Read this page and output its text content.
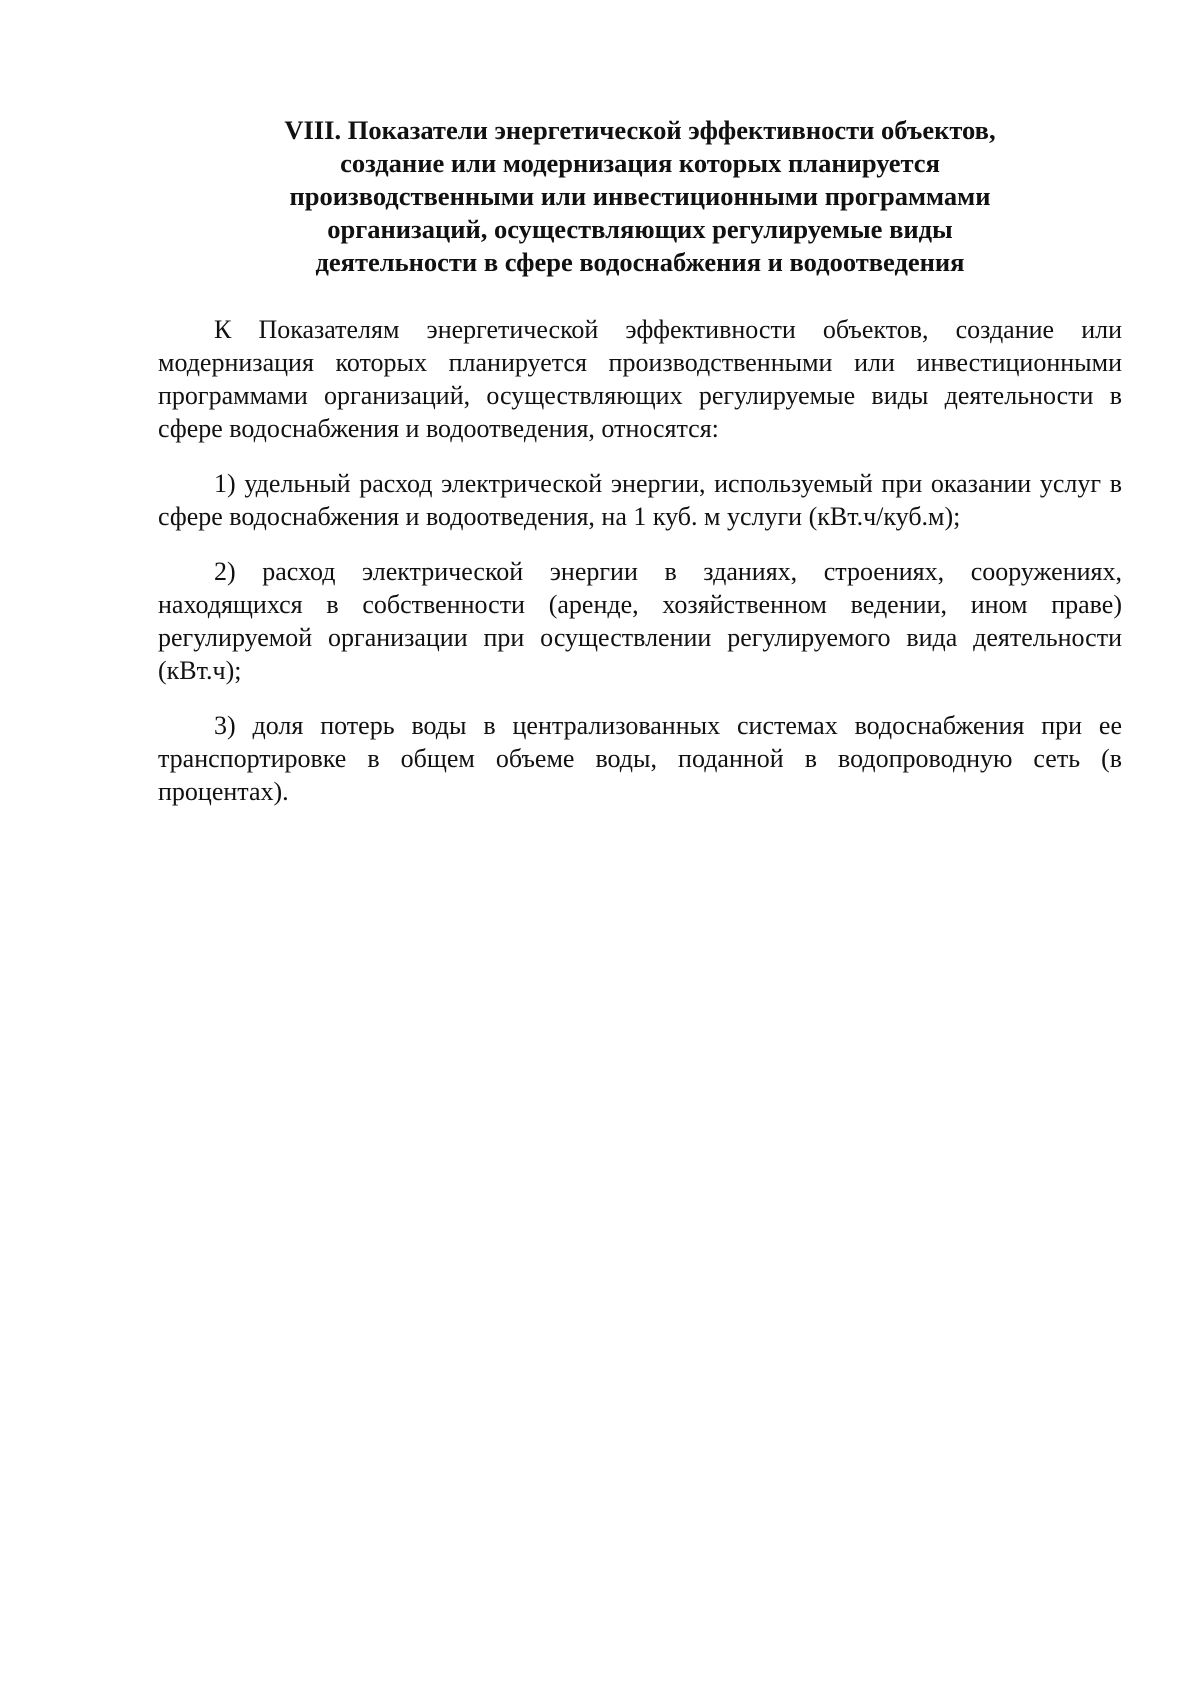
VIII. Показатели энергетической эффективности объектов,
создание или модернизация которых планируется
производственными или инвестиционными программами
организаций, осуществляющих регулируемые виды
деятельности в сфере водоснабжения и водоотведения

К Показателям энергетической эффективности объектов, создание или модернизация которых планируется производственными или инвестиционными программами организаций, осуществляющих регулируемые виды деятельности в сфере водоснабжения и водоотведения, относятся:

1) удельный расход электрической энергии, используемый при оказании услуг в сфере водоснабжения и водоотведения, на 1 куб. м услуги (кВт.ч/куб.м);

2) расход электрической энергии в зданиях, строениях, сооружениях, находящихся в собственности (аренде, хозяйственном ведении, ином праве) регулируемой организации при осуществлении регулируемого вида деятельности (кВт.ч);

3) доля потерь воды в централизованных системах водоснабжения при ее транспортировке в общем объеме воды, поданной в водопроводную сеть (в процентах).
